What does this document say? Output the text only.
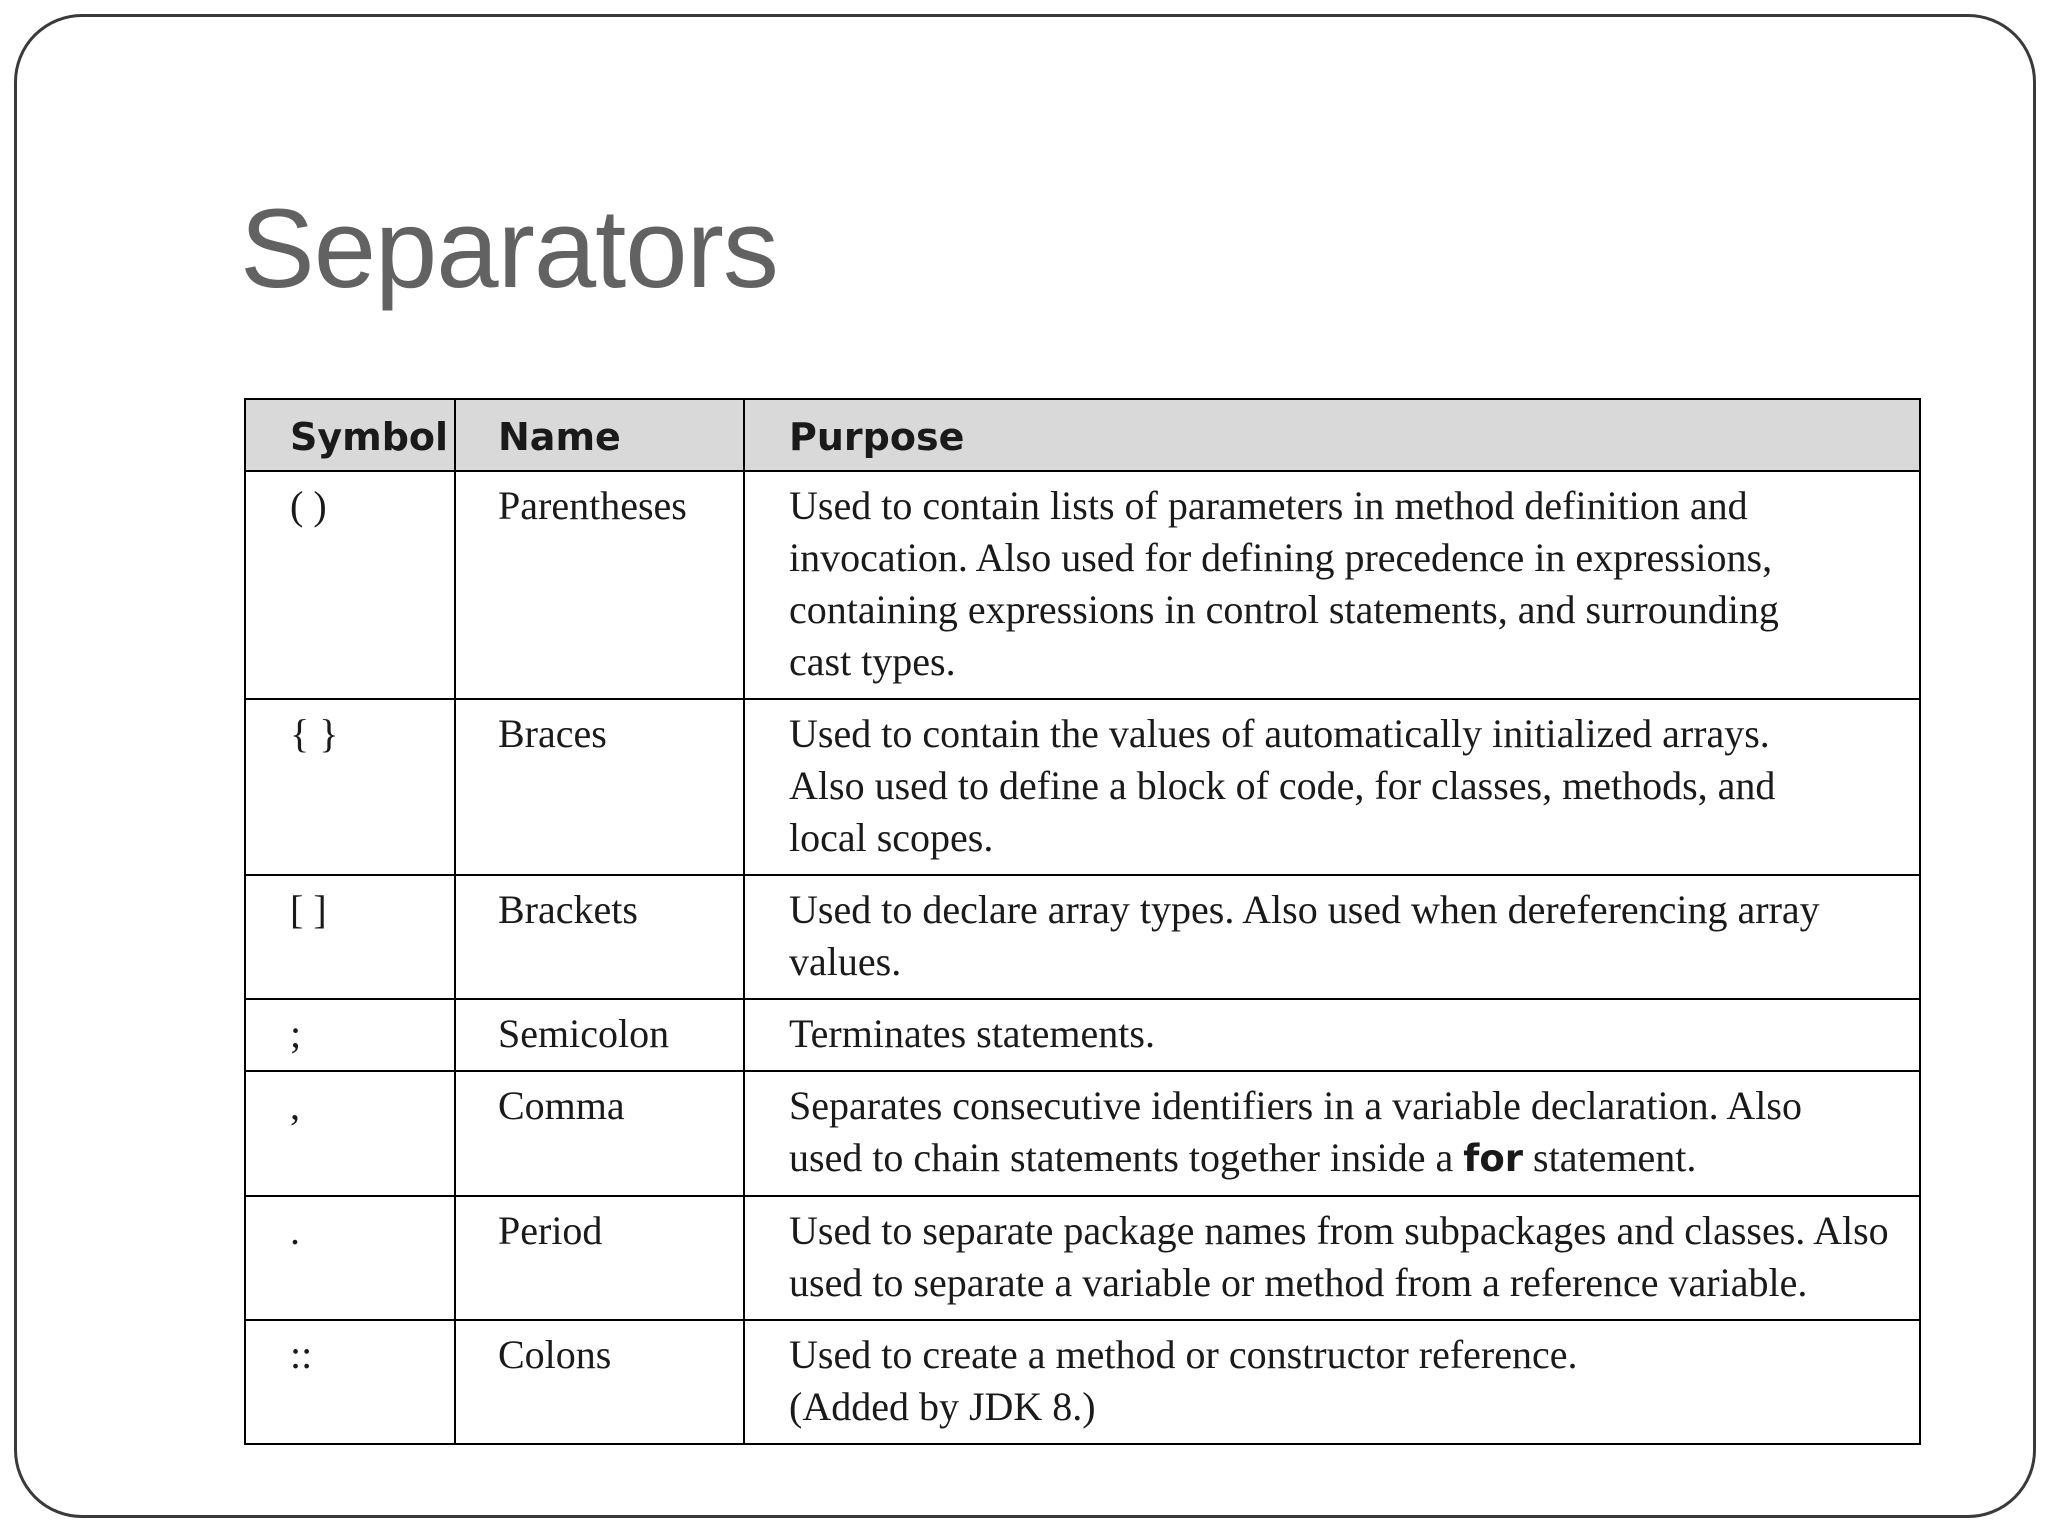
Separators
Symbol	Name	Purpose
( )	Parentheses	Used to contain lists of parameters in method definition and
invocation. Also used for defining precedence in expressions,
containing expressions in control statements, and surrounding
cast types.

{ }	Braces	Used to contain the values of automatically initialized arrays.
Also used to define a block of code, for classes, methods, and
local scopes.

[ ]	Brackets	Used to declare array types. Also used when dereferencing array
values.

;	Semicolon	Terminates statements.

,	Comma	Separates consecutive identifiers in a variable declaration. Also
used to chain statements together inside a for statement.

.	Period	Used to separate package names from subpackages and classes. Also
used to separate a variable or method from a reference variable.

::	Colons	Used to create a method or constructor reference.
(Added by JDK 8.)
